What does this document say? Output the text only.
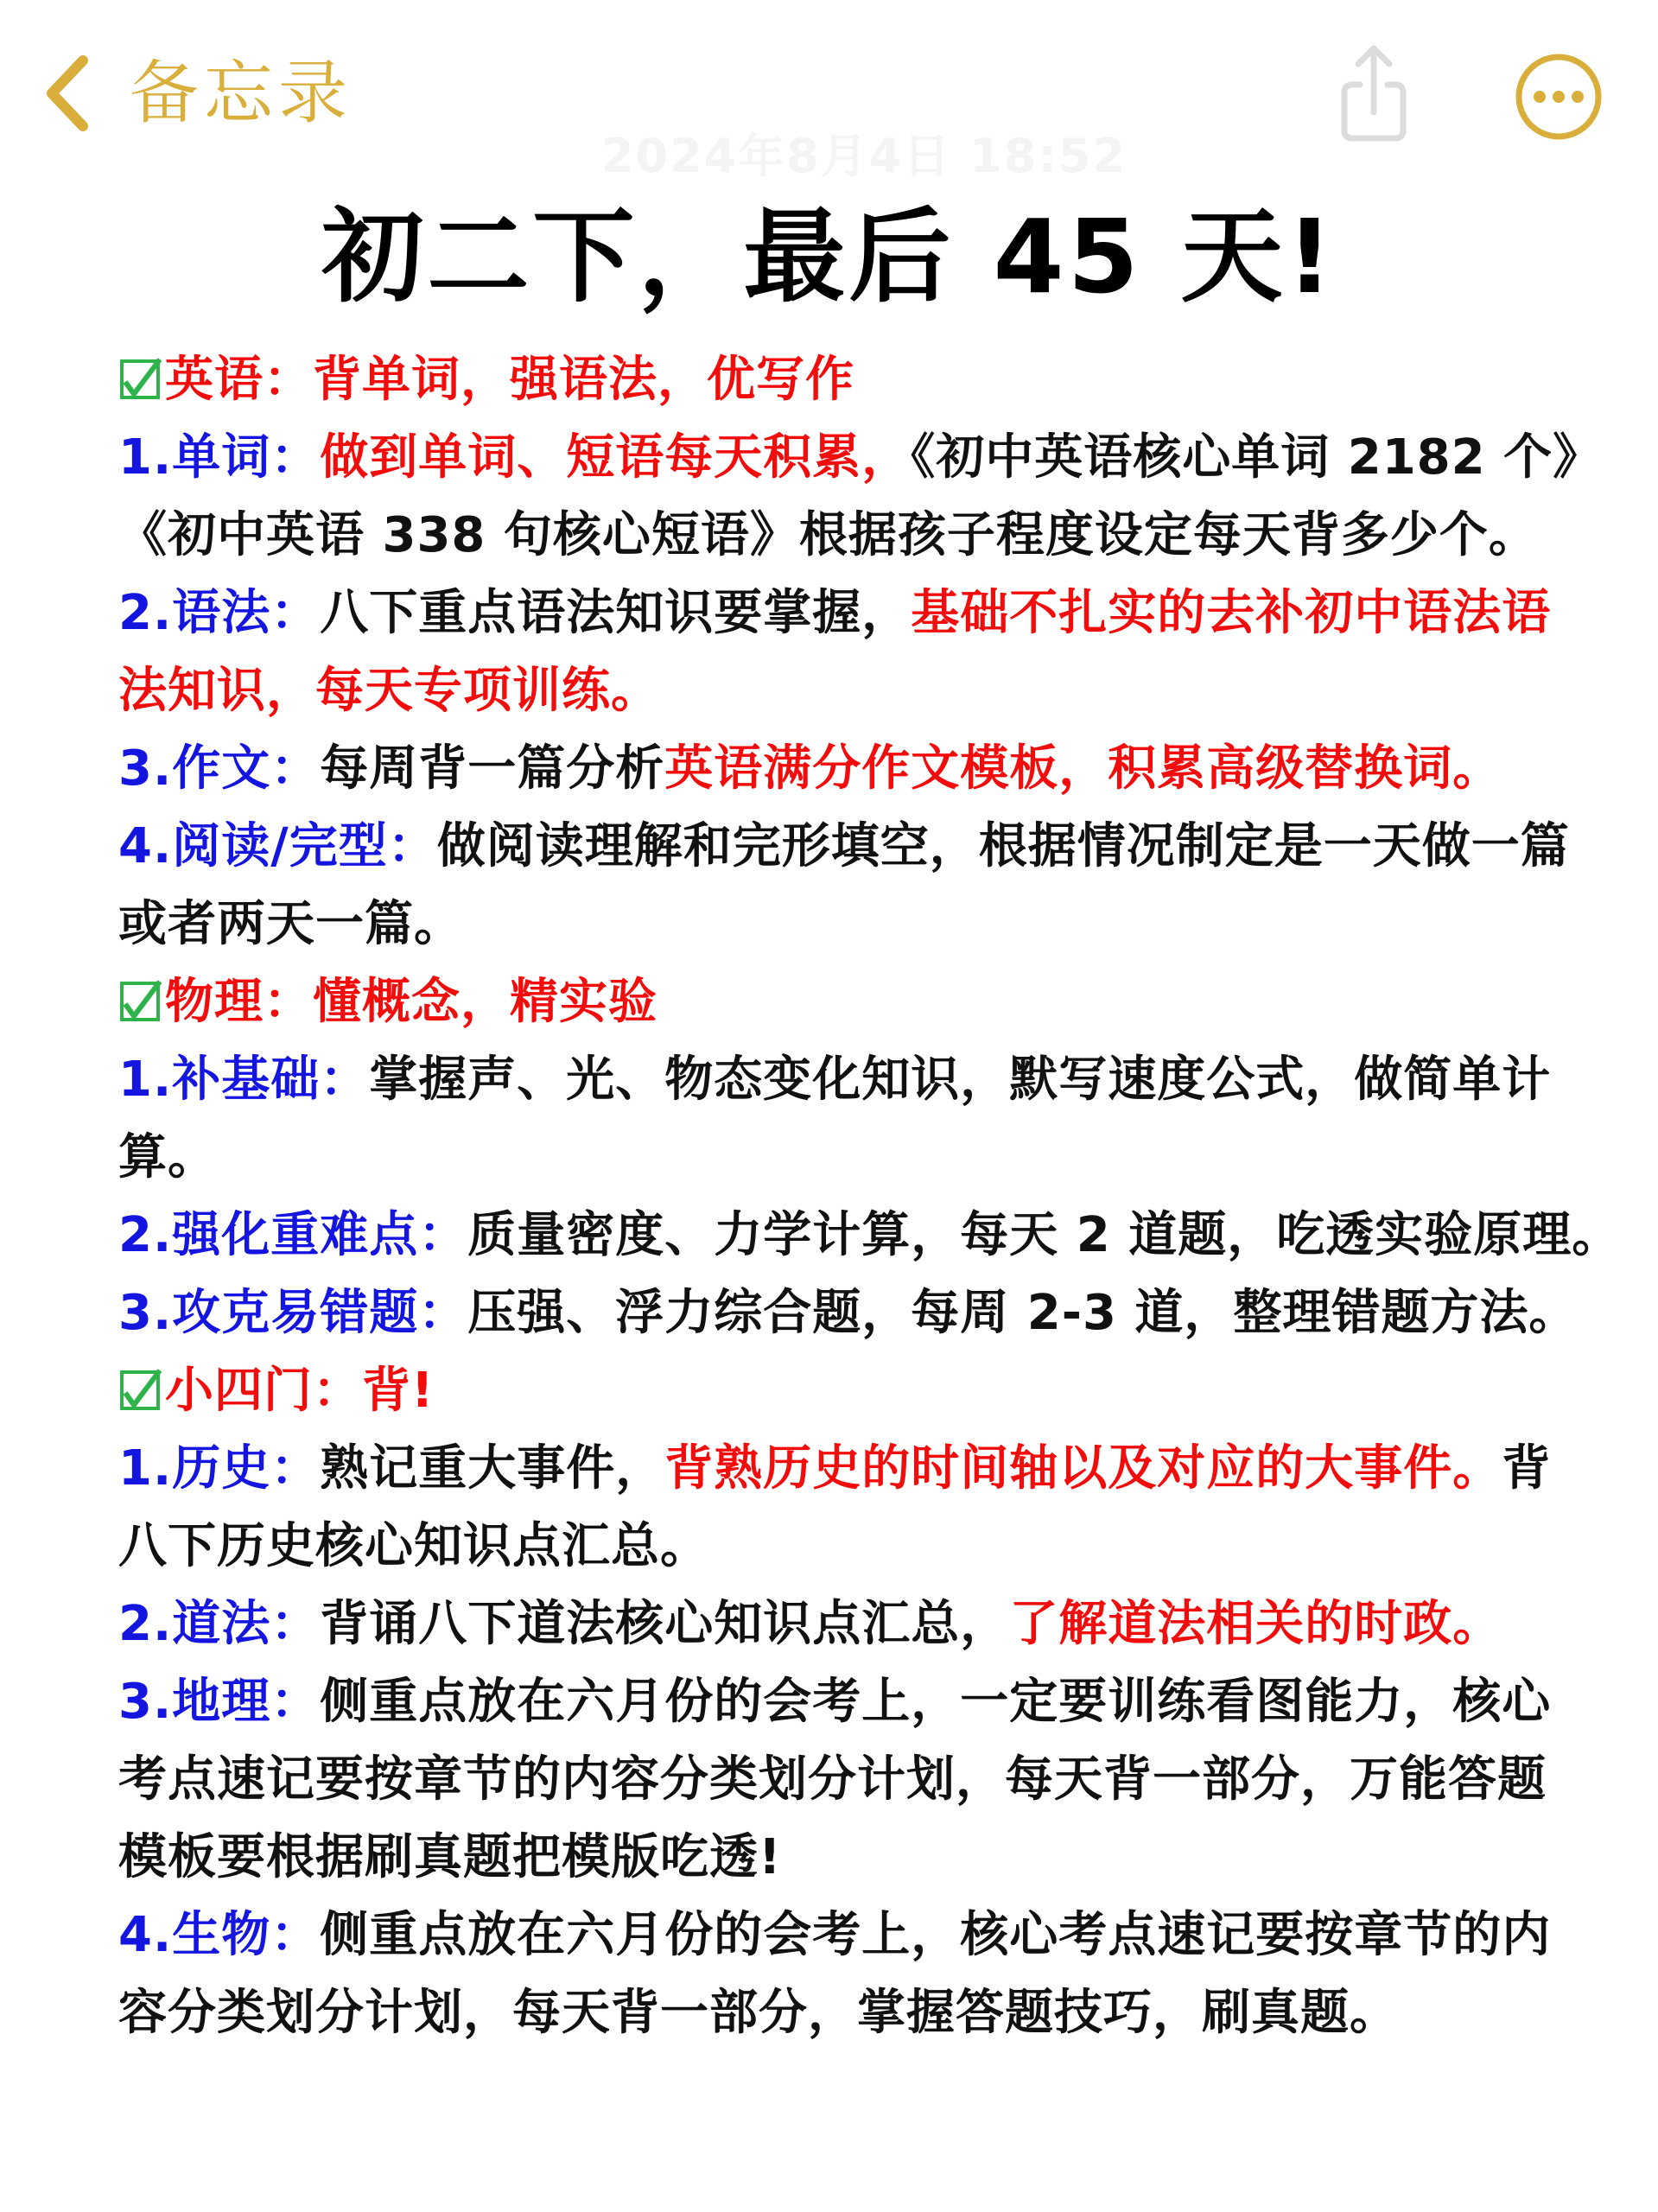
备忘录
2024年8月4日 18:52
初二下，最后 45 天!
英语：背单词，强语法，优写作
1.单词：做到单词、短语每天积累，《初中英语核心单词 2182 个》
《初中英语 338 句核心短语》根据孩子程度设定每天背多少个。
2.语法：八下重点语法知识要掌握，基础不扎实的去补初中语法语
法知识，每天专项训练。
3.作文：每周背一篇分析英语满分作文模板，积累高级替换词。
4.阅读/完型：做阅读理解和完形填空，根据情况制定是一天做一篇
或者两天一篇。
物理：懂概念，精实验
1.补基础：掌握声、光、物态变化知识，默写速度公式，做简单计
算。
2.强化重难点：质量密度、力学计算，每天 2 道题，吃透实验原理。
3.攻克易错题：压强、浮力综合题，每周 2-3 道，整理错题方法。
小四门：背!
1.历史：熟记重大事件，背熟历史的时间轴以及对应的大事件。背
八下历史核心知识点汇总。
2.道法：背诵八下道法核心知识点汇总，了解道法相关的时政。
3.地理：侧重点放在六月份的会考上，一定要训练看图能力，核心
考点速记要按章节的内容分类划分计划，每天背一部分，万能答题
模板要根据刷真题把模版吃透!
4.生物：侧重点放在六月份的会考上，核心考点速记要按章节的内
容分类划分计划，每天背一部分，掌握答题技巧，刷真题。
